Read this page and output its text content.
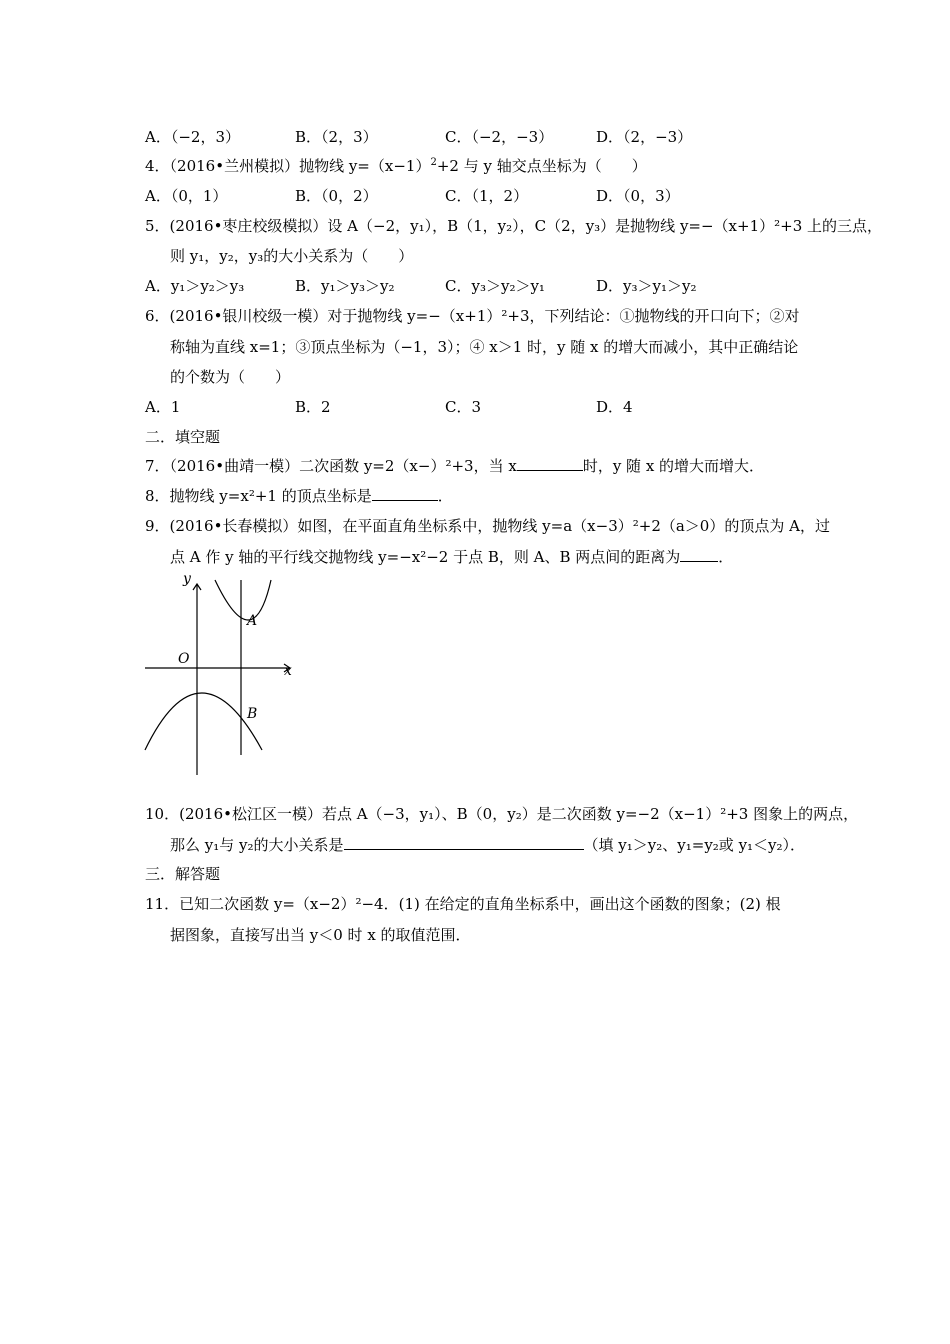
A．（−2，3）	B．（2，3）	C．（−2，−3）	D．（2，−3）
4．（2016•兰州模拟）抛物线 $y=(x-1)^2+2$ 与 y 轴交点坐标为（　　）
A．（0，1）	B．（0，2）	C．（1，2）	D．（0，3）
5．(2016•枣庄校级模拟）设 A（−2，y₁），B（1，y₂），C（2，y₃）是抛物线 y=−（x+1）²+3 上的三点，
则 y₁，y₂，y₃的大小关系为（　　）
A．y₁＞y₂＞y₃	B．y₁＞y₃＞y₂	C．y₃＞y₂＞y₁	D．y₃＞y₁＞y₂
6．(2016•银川校级一模）对于抛物线 y=−（x+1）²+3，下列结论：①抛物线的开口向下；②对
称轴为直线 x=1；③顶点坐标为（−1，3）；④ x＞1 时，y 随 x 的增大而减小，其中正确结论
的个数为（　　）
A．1	B．2	C．3	D．4
二．填空题
7．（2016•曲靖一模）二次函数 y=2（x−）²+3，当 x	时，y 随 x 的增大而增大．
8．抛物线 y=x²+1 的顶点坐标是	．
9．(2016•长春模拟）如图，在平面直角坐标系中，抛物线 y=a（x−3）²+2（a＞0）的顶点为 A，过
点 A 作 y 轴的平行线交抛物线 y=−x²−2 于点 B，则 A、B 两点间的距离为	．
y
x
O
A
B
10．(2016•松江区一模）若点 A（−3，y₁）、B（0，y₂）是二次函数 y=−2（x−1）²+3 图象上的两点，
那么 y₁与 y₂的大小关系是	（填 y₁＞y₂、y₁=y₂或 y₁＜y₂）．
三．解答题
11．已知二次函数 y=（x−2）²−4．(1) 在给定的直角坐标系中，画出这个函数的图象；(2) 根
据图象，直接写出当 y＜0 时 x 的取值范围．
